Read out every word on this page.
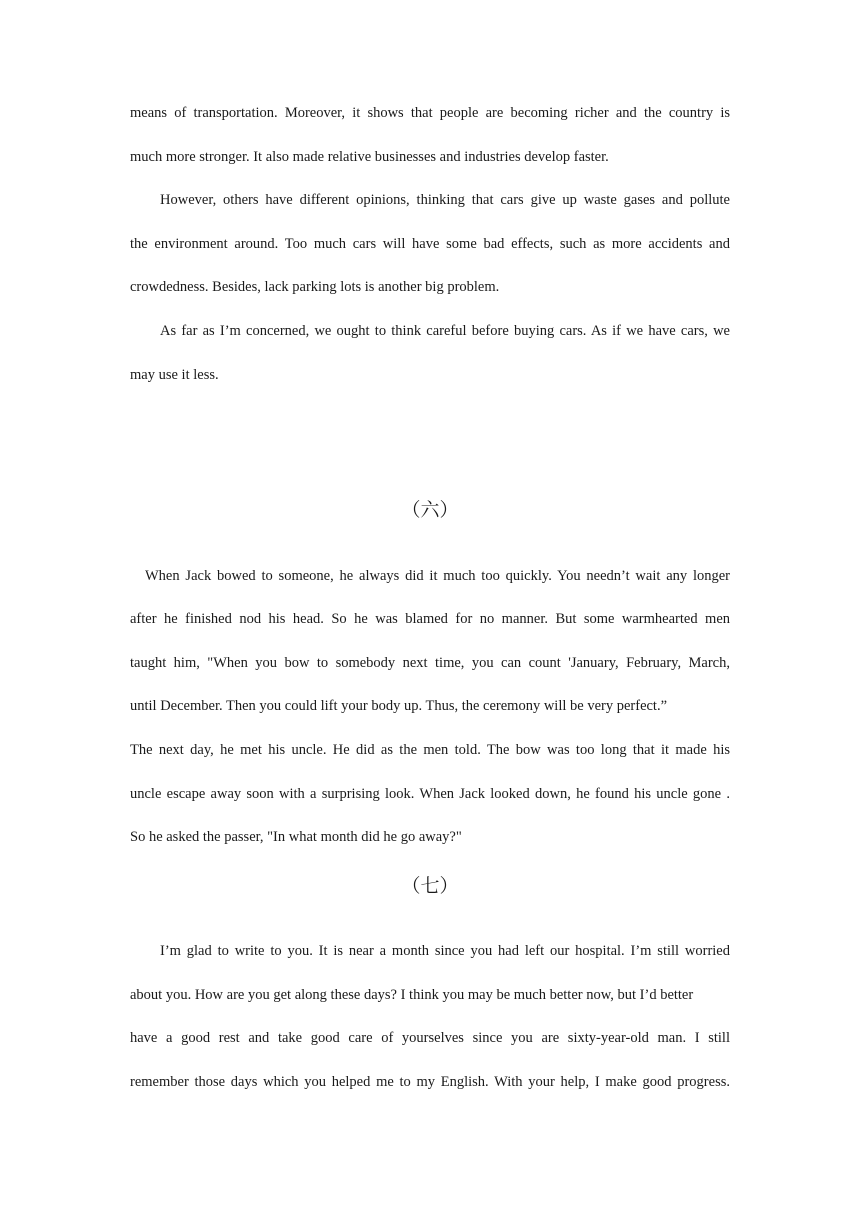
means of transportation. Moreover, it shows that people are becoming richer and the country is
much more stronger. It also made relative businesses and industries develop faster.
However, others have different opinions, thinking that cars give up waste gases and pollute
the environment around. Too much cars will have some bad effects, such as more accidents and
crowdedness. Besides, lack parking lots is another big problem.
As far as I’m concerned, we ought to think careful before buying cars. As if we have cars, we
may use it less.
（六）
When Jack bowed to someone, he always did it much too quickly. You needn’t wait any longer
after he finished nod his head. So he was blamed for no manner. But some warmhearted men
taught him, "When you bow to somebody next time, you can count 'January, February, March,
until December. Then you could lift your body up. Thus, the ceremony will be very perfect.”
The next day, he met his uncle. He did as the men told. The bow was too long that it made his
uncle escape away soon with a surprising look. When Jack looked down, he found his uncle gone .
So he asked the passer, "In what month did he go away?"
（七）
I’m glad to write to you. It is near a month since you had left our hospital. I’m still worried
about you. How are you get along these days? I think you may be much better now, but I’d better
have a good rest and take good care of yourselves since you are sixty-year-old man. I still
remember those days which you helped me to my English. With your help, I make good progress.
